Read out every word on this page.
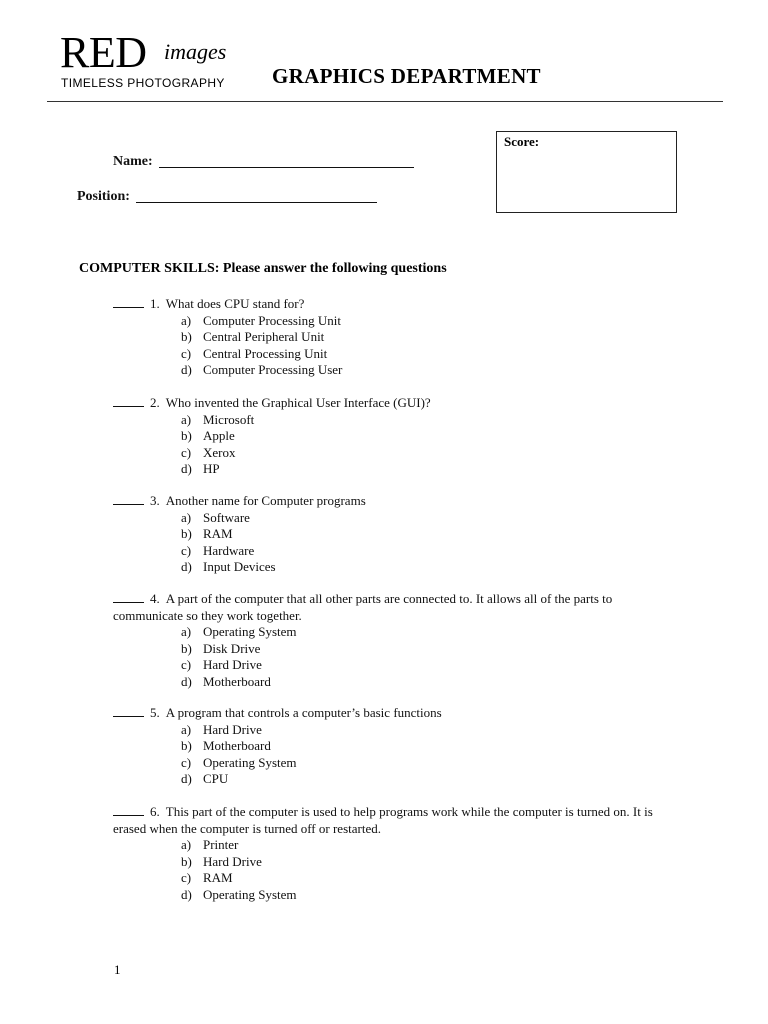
RED images
TIMELESS PHOTOGRAPHY GRAPHICS DEPARTMENT
Name:
Position:
Score:
COMPUTER SKILLS: Please answer the following questions
1. What does CPU stand for?
a) Computer Processing Unit
b) Central Peripheral Unit
c) Central Processing Unit
d) Computer Processing User
2. Who invented the Graphical User Interface (GUI)?
a) Microsoft
b) Apple
c) Xerox
d) HP
3. Another name for Computer programs
a) Software
b) RAM
c) Hardware
d) Input Devices
4. A part of the computer that all other parts are connected to. It allows all of the parts to communicate so they work together.
a) Operating System
b) Disk Drive
c) Hard Drive
d) Motherboard
5. A program that controls a computer’s basic functions
a) Hard Drive
b) Motherboard
c) Operating System
d) CPU
6. This part of the computer is used to help programs work while the computer is turned on. It is erased when the computer is turned off or restarted.
a) Printer
b) Hard Drive
c) RAM
d) Operating System
1
